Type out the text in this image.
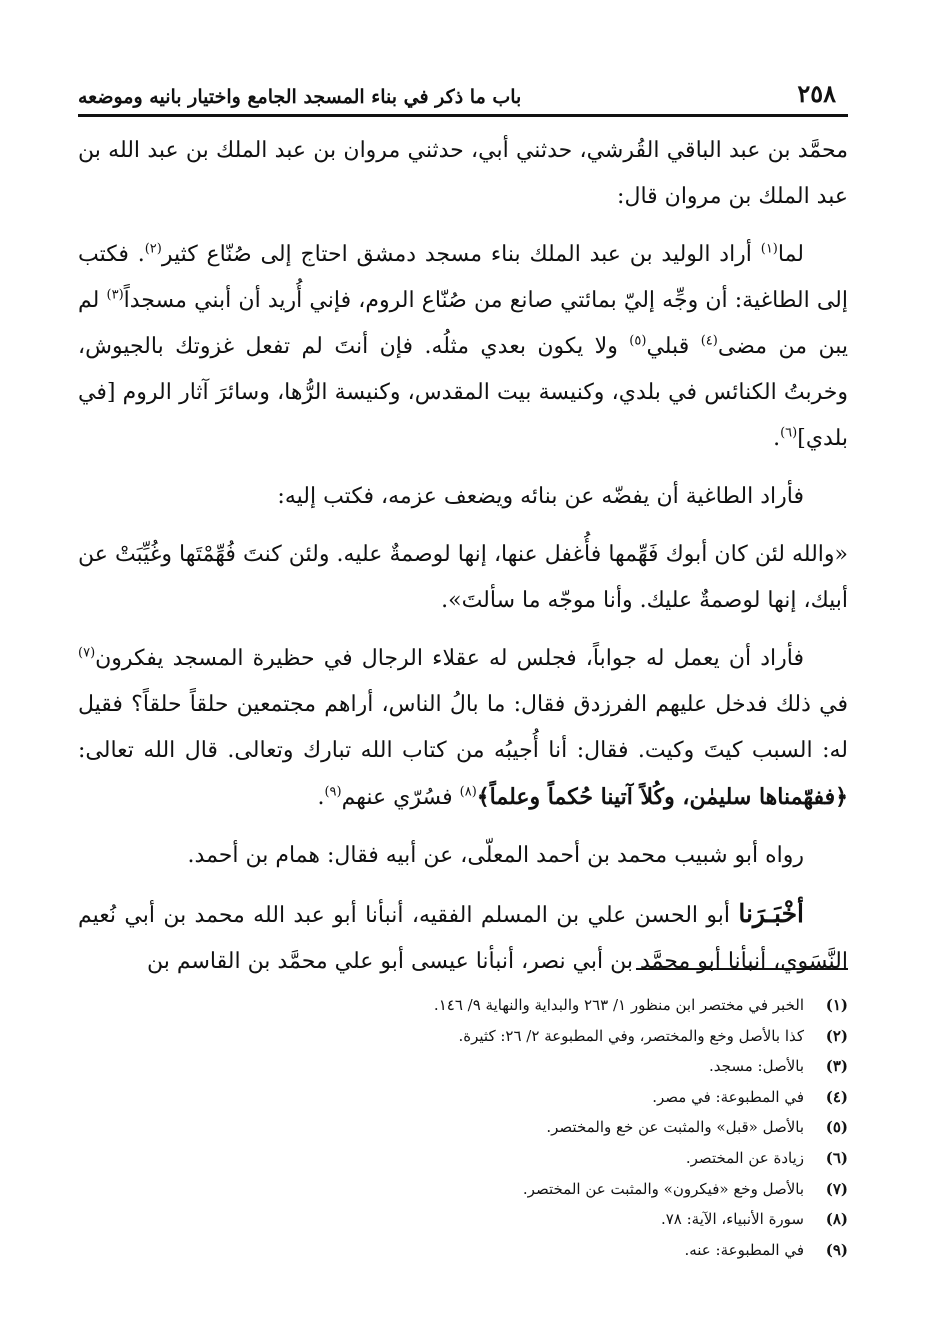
٢٥٨
باب ما ذكر في بناء المسجد الجامع واختيار بانيه وموضعه

محمَّد بن عبد الباقي القُرشي، حدثني أبي، حدثني مروان بن عبد الملك بن عبد الله بن عبد الملك بن مروان قال:

لما$^{(١)}$ أراد الوليد بن عبد الملك بناء مسجد دمشق احتاج إلى صُنّاع كثير$^{(٢)}$. فكتب إلى الطاغية: أن وجِّه إليّ بمائتي صانع من صُنّاع الروم، فإني أُريد أن أبني مسجداً$^{(٣)}$ لم يبن من مضى$^{(٤)}$ قبلي$^{(٥)}$ ولا يكون بعدي مثلُه. فإن أنتَ لم تفعل غزوتك بالجيوش، وخربتُ الكنائس في بلدي، وكنيسة بيت المقدس، وكنيسة الرُّها، وسائرَ آثار الروم [في بلدي]$^{(٦)}$.

فأراد الطاغية أن يفضّه عن بنائه ويضعف عزمه، فكتب إليه:

«والله لئن كان أبوك فَهِّمها فأُغفل عنها، إنها لوصمةٌ عليه. ولئن كنتَ فُهِّمْتَها وغُيِّبَتْ عن أبيك، إنها لوصمةٌ عليك. وأنا موجّه ما سألتَ».

فأراد أن يعمل له جواباً، فجلس له عقلاء الرجال في حظيرة المسجد يفكرون$^{(٧)}$ في ذلك فدخل عليهم الفرزدق فقال: ما بالُ الناس، أراهم مجتمعين حلقاً حلقاً؟ فقيل له: السبب كيتَ وكيت. فقال: أنا أُجيبُه من كتاب الله تبارك وتعالى. قال الله تعالى: ﴿ففهّمناها سليمٰن، وكُلاً آتينا حُكماً وعلماً﴾$^{(٨)}$ فسُرّي عنهم$^{(٩)}$.

رواه أبو شبيب محمد بن أحمد المعلّى، عن أبيه فقال: همام بن أحمد.

أخْبَـرَنا أبو الحسن علي بن المسلم الفقيه، أنبأنا أبو عبد الله محمد بن أبي نُعيم النَّسَوي، أنبأنا أبو محمَّد بن أبي نصر، أنبأنا عيسى أبو علي محمَّد بن القاسم بن

(١)
الخبر في مختصر ابن منظور ١/ ٢٦٣ والبداية والنهاية ٩/ ١٤٦.
(٢)
كذا بالأصل وخع والمختصر، وفي المطبوعة ٢/ ٢٦: كثيرة.
(٣)
بالأصل: مسجد.
(٤)
في المطبوعة: في مصر.
(٥)
بالأصل «قبل» والمثبت عن خع والمختصر.
(٦)
زيادة عن المختصر.
(٧)
بالأصل وخع «فيكرون» والمثبت عن المختصر.
(٨)
سورة الأنبياء، الآية: ٧٨.
(٩)
في المطبوعة: عنه.
